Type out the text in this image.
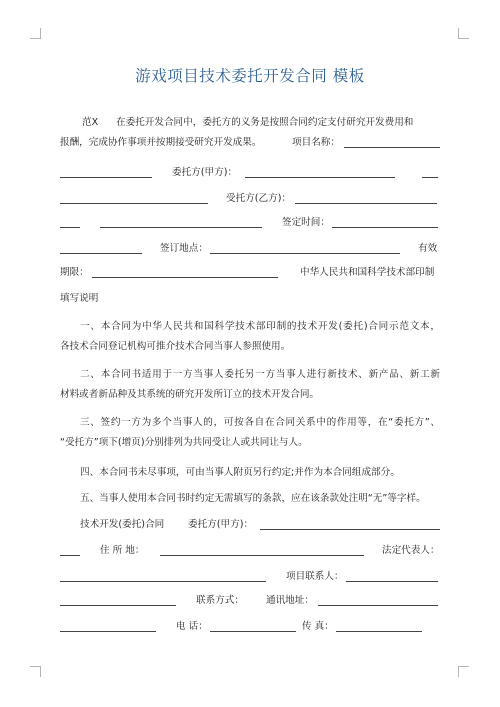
游戏项目技术委托开发合同 模板
范X 在委托开发合同中，委托方的义务是按照合同约定支付研究开发费用和
报酬，完成协作事项并按期接受研究开发成果。	项目名称：
委托方(甲方)：
受托方(乙方)：
签定时间：
签订地点：	有效
期限：	中华人民共和国科学技术部印制
填写说明
一、本合同为中华人民共和国科学技术部印制的技术开发(委托)合同示范文本，
各技术合同登记机构可推介技术合同当事人参照使用。
二、本合同书适用于一方当事人委托另一方当事人进行新技术、新产品、新工新
材料或者新品种及其系统的研究开发所订立的技术开发合同。
三、签约一方为多个当事人的，可按各自在合同关系中的作用等，在“委托方”、
“受托方”项下(增页)分别排列为共同受让人或共同让与人。
四、本合同书未尽事项，可由当事人附页另行约定;并作为本合同组成部分。
五、当事人使用本合同书时约定无需填写的条款，应在该条款处注明“无”等字样。
技术开发(委托)合同 委托方(甲方)：
住 所 地：	法定代表人：
项目联系人：
联系方式： 通讯地址：
电 话：	传 真：
